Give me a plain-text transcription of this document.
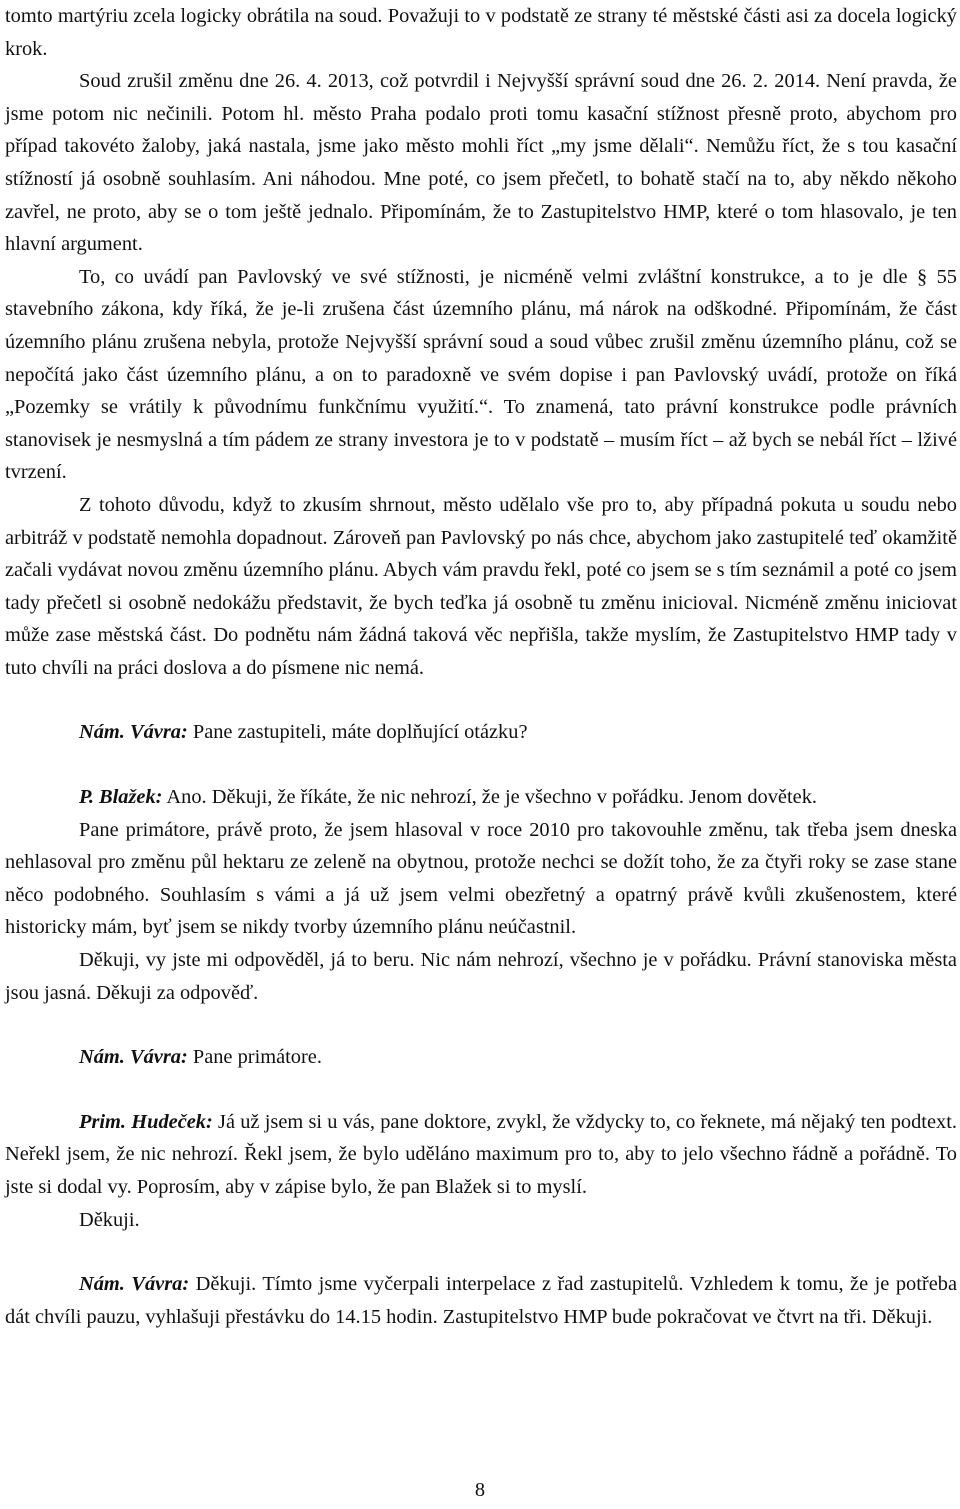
tomto martýriu zcela logicky obrátila na soud. Považuji to v podstatě ze strany té městské části asi za docela logický krok.

Soud zrušil změnu dne 26. 4. 2013, což potvrdil i Nejvyšší správní soud dne 26. 2. 2014. Není pravda, že jsme potom nic nečinili. Potom hl. město Praha podalo proti tomu kasační stížnost přesně proto, abychom pro případ takovéto žaloby, jaká nastala, jsme jako město mohli říct „my jsme dělali“. Nemůžu říct, že s tou kasační stížností já osobně souhlasím. Ani náhodou. Mne poté, co jsem přečetl, to bohatě stačí na to, aby někdo někoho zavřel, ne proto, aby se o tom ještě jednalo. Připomínám, že to Zastupitelstvo HMP, které o tom hlasovalo, je ten hlavní argument.

To, co uvádí pan Pavlovský ve své stížnosti, je nicméně velmi zvláštní konstrukce, a to je dle § 55 stavebního zákona, kdy říká, že je-li zrušena část územního plánu, má nárok na odškodné. Připomínám, že část územního plánu zrušena nebyla, protože Nejvyšší správní soud a soud vůbec zrušil změnu územního plánu, což se nepočítá jako část územního plánu, a on to paradoxně ve svém dopise i pan Pavlovský uvádí, protože on říká „Pozemky se vrátily k původnímu funkčnímu využití.“. To znamená, tato právní konstrukce podle právních stanovisek je nesmyslná a tím pádem ze strany investora je to v podstatě – musím říct – až bych se nebál říct – lživé tvrzení.

Z tohoto důvodu, když to zkusím shrnout, město udělalo vše pro to, aby případná pokuta u soudu nebo arbitráž v podstatě nemohla dopadnout. Zároveň pan Pavlovský po nás chce, abychom jako zastupitelé teď okamžitě začali vydávat novou změnu územního plánu. Abych vám pravdu řekl, poté co jsem se s tím seznámil a poté co jsem tady přečetl si osobně nedokážu představit, že bych teďka já osobně tu změnu inicioval. Nicméně změnu iniciovat může zase městská část. Do podnětu nám žádná taková věc nepřišla, takže myslím, že Zastupitelstvo HMP tady v tuto chvíli na práci doslova a do písmene nic nemá.

Nám. Vávra: Pane zastupiteli, máte doplňující otázku?

P. Blažek: Ano. Děkuji, že říkáte, že nic nehrozí, že je všechno v pořádku. Jenom dovětek.

Pane primátore, právě proto, že jsem hlasoval v roce 2010 pro takovouhle změnu, tak třeba jsem dneska nehlasoval pro změnu půl hektaru ze zeleně na obytnou, protože nechci se dožít toho, že za čtyři roky se zase stane něco podobného. Souhlasím s vámi a já už jsem velmi obezřetný a opatrný právě kvůli zkušenostem, které historicky mám, byť jsem se nikdy tvorby územního plánu neúčastnil.

Děkuji, vy jste mi odpověděl, já to beru. Nic nám nehrozí, všechno je v pořádku. Právní stanoviska města jsou jasná. Děkuji za odpověď.

Nám. Vávra: Pane primátore.

Prim. Hudeček: Já už jsem si u vás, pane doktore, zvykl, že vždycky to, co řeknete, má nějaký ten podtext. Neřekl jsem, že nic nehrozí. Řekl jsem, že bylo uděláno maximum pro to, aby to jelo všechno řádně a pořádně. To jste si dodal vy. Poprosím, aby v zápise bylo, že pan Blažek si to myslí.

Děkuji.

Nám. Vávra: Děkuji. Tímto jsme vyčerpali interpelace z řad zastupitelů. Vzhledem k tomu, že je potřeba dát chvíli pauzu, vyhlašuji přestávku do 14.15 hodin. Zastupitelstvo HMP bude pokračovat ve čtvrt na tři. Děkuji.

8
